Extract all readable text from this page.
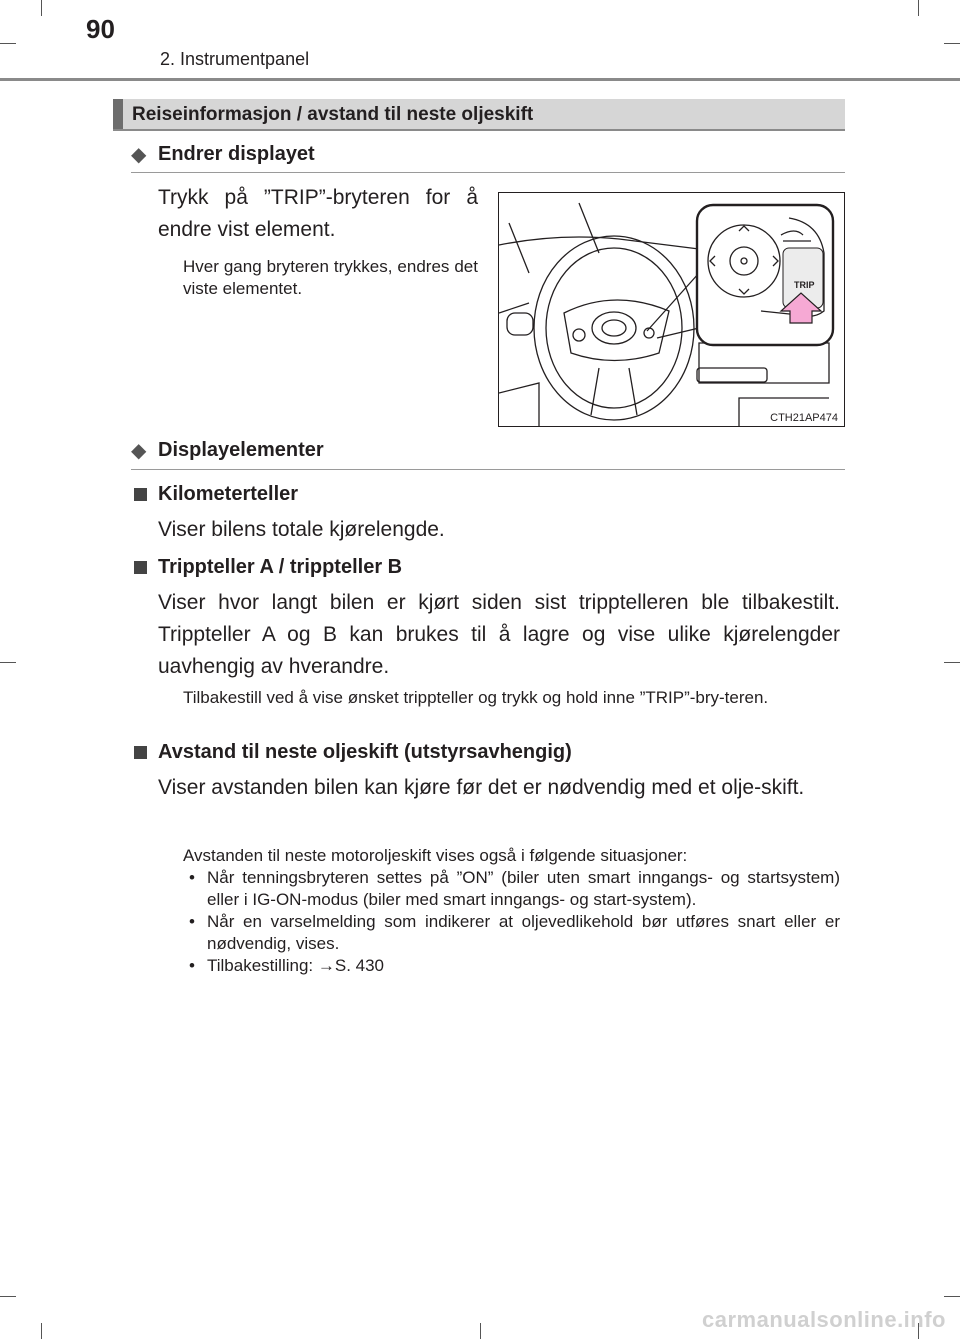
90
2. Instrumentpanel
Reiseinformasjon / avstand til neste oljeskift
◆ Endrer displayet
Trykk på ”TRIP”-bryteren for å endre vist element.
Hver gang bryteren trykkes, endres det viste elementet.	TRIP
CTH21AP474
◆ Displayelementer
Kilometerteller
Viser bilens totale kjørelengde.
Trippteller A / trippteller B
Viser hvor langt bilen er kjørt siden sist tripptelleren ble tilbakestilt. Trippteller A og B kan brukes til å lagre og vise ulike kjørelengder uavhengig av hverandre.
Tilbakestill ved å vise ønsket trippteller og trykk og hold inne ”TRIP”-bry-teren.
Avstand til neste oljeskift (utstyrsavhengig)
Viser avstanden bilen kan kjøre før det er nødvendig med et olje-skift.
Avstanden til neste motoroljeskift vises også i følgende situasjoner:
• Når tenningsbryteren settes på ”ON” (biler uten smart inngangs- og startsystem) eller i IG-ON-modus (biler med smart inngangs- og start-system).
• Når en varselmelding som indikerer at oljevedlikehold bør utføres snart eller er nødvendig, vises.
• Tilbakestilling: →S. 430
carmanualsonline.info
